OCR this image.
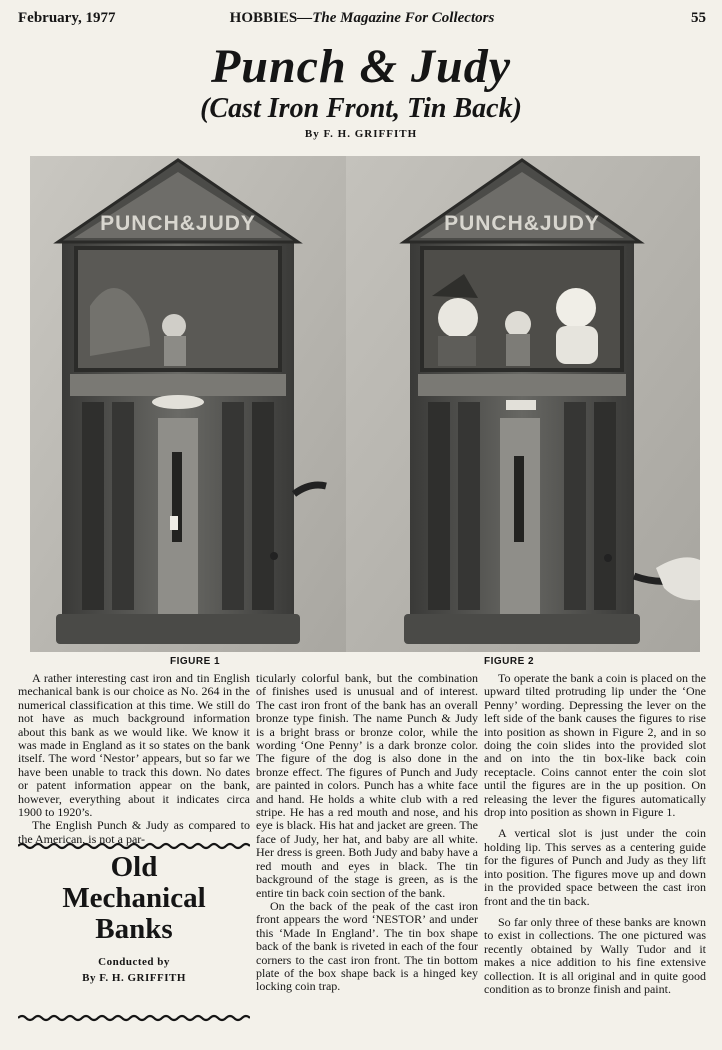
February, 1977	HOBBIES—The Magazine For Collectors	55
Punch & Judy
(Cast Iron Front, Tin Back)
By F. H. GRIFFITH
PUNCH&JUDY	PUNCH&JUDY
FIGURE 1	FIGURE 2

A rather interesting cast iron and tin English mechanical bank is our choice as No. 264 in the numerical classification at this time. We still do not have as much background information about this bank as we would like. We know it was made in England as it so states on the bank itself. The word ‘Nestor’ appears, but so far we have been unable to track this down. No dates or patent information appear on the bank, however, everything about it indicates circa 1900 to 1920’s.

The English Punch & Judy as compared to the American, is not a par-

Old
Mechanical
Banks
Conducted by
By F. H. GRIFFITH

ticularly colorful bank, but the combination of finishes used is unusual and of interest. The cast iron front of the bank has an overall bronze type finish. The name Punch & Judy is a bright brass or bronze color, while the wording ‘One Penny’ is a dark bronze color. The figure of the dog is also done in the bronze effect. The figures of Punch and Judy are painted in colors. Punch has a white face and hand. He holds a white club with a red stripe. He has a red mouth and nose, and his eye is black. His hat and jacket are green. The face of Judy, her hat, and baby are all white. Her dress is green. Both Judy and baby have a red mouth and eyes in black. The tin background of the stage is green, as is the entire tin back coin section of the bank.

On the back of the peak of the cast iron front appears the word ‘NESTOR’ and under this ‘Made In England’. The tin box shape back of the bank is riveted in each of the four corners to the cast iron front. The tin bottom plate of the box shape back is a hinged key locking coin trap.

To operate the bank a coin is placed on the upward tilted protruding lip under the ‘One Penny’ wording. Depressing the lever on the left side of the bank causes the figures to rise into position as shown in Figure 2, and in so doing the coin slides into the provided slot and on into the tin box-like back coin receptacle. Coins cannot enter the coin slot until the figures are in the up position. On releasing the lever the figures automatically drop into position as shown in Figure 1.

A vertical slot is just under the coin holding lip. This serves as a centering guide for the figures of Punch and Judy as they lift into position. The figures move up and down in the provided space between the cast iron front and the tin back.

So far only three of these banks are known to exist in collections. The one pictured was recently obtained by Wally Tudor and it makes a nice addition to his fine extensive collection. It is all original and in quite good condition as to bronze finish and paint.
